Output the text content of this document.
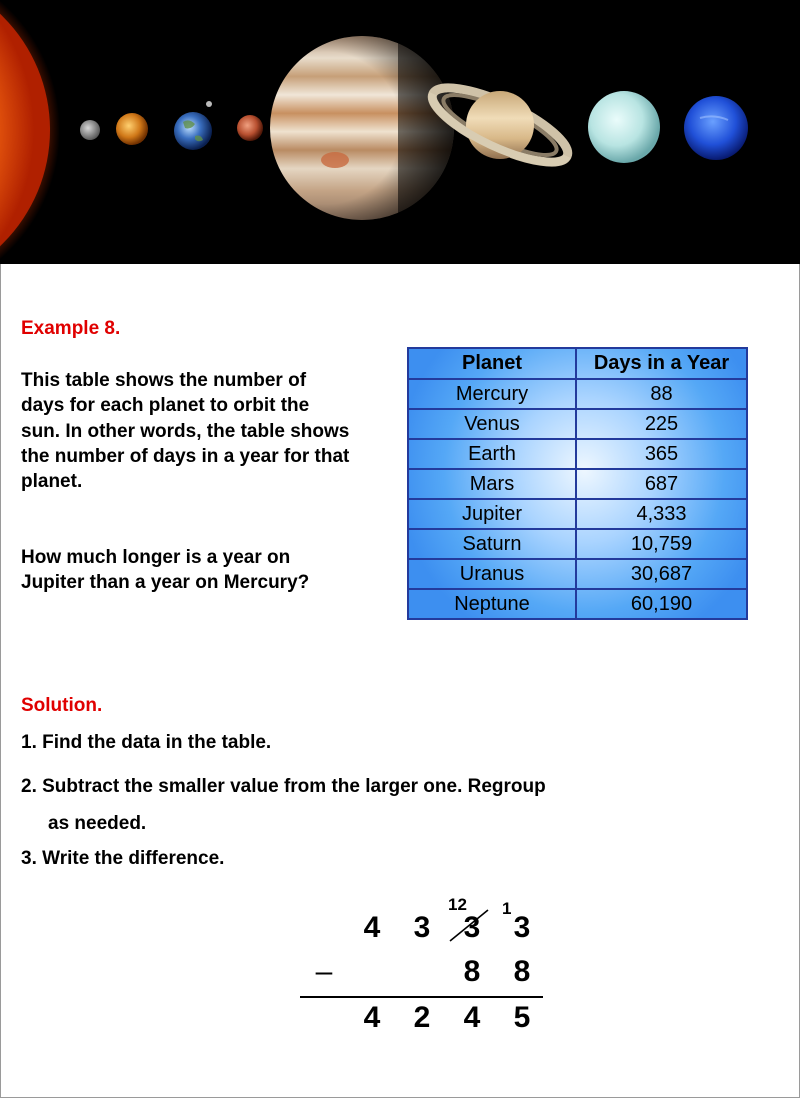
Example 8.

This table shows the number of days for each planet to orbit the sun. In other words, the table shows the number of days in a year for that planet.

How much longer is a year on Jupiter than a year on Mercury?

Planet	Days in a Year
Mercury	88
Venus	225
Earth	365
Mars	687
Jupiter	4,333
Saturn	10,759
Uranus	30,687
Neptune	60,190
Solution.
1. Find the data in the table.
2. Subtract the smaller value from the larger one. Regroup
as needed.
3. Write the difference.
12 1
4 3 3 3
–	8 8
4 2 4 5
